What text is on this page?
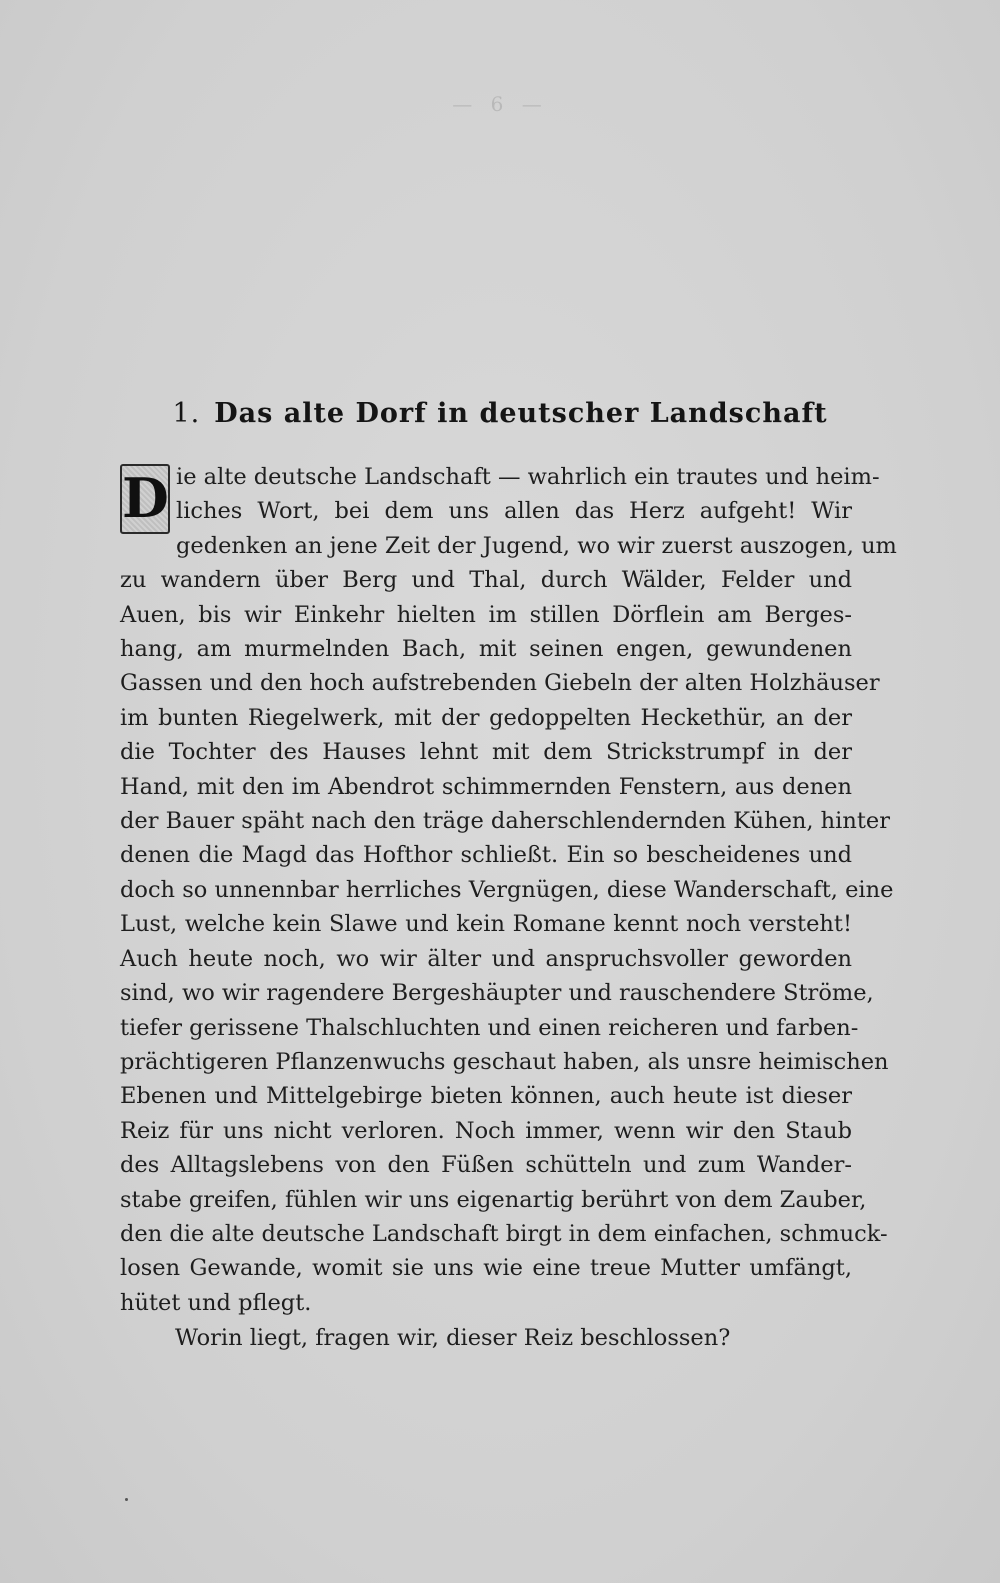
— 6 —
1. Das alte Dorf in deutscher Landschaft
D ie alte deutsche Landschaft — wahrlich ein trautes und heim-
liches Wort, bei dem uns allen das Herz aufgeht! Wir
gedenken an jene Zeit der Jugend, wo wir zuerst auszogen, um
zu wandern über Berg und Thal, durch Wälder, Felder und
Auen, bis wir Einkehr hielten im stillen Dörflein am Berges-
hang, am murmelnden Bach, mit seinen engen, gewundenen
Gassen und den hoch aufstrebenden Giebeln der alten Holzhäuser
im bunten Riegelwerk, mit der gedoppelten Heckethür, an der
die Tochter des Hauses lehnt mit dem Strickstrumpf in der
Hand, mit den im Abendrot schimmernden Fenstern, aus denen
der Bauer späht nach den träge daherschlendernden Kühen, hinter
denen die Magd das Hofthor schließt. Ein so bescheidenes und
doch so unnennbar herrliches Vergnügen, diese Wanderschaft, eine
Lust, welche kein Slawe und kein Romane kennt noch versteht!
Auch heute noch, wo wir älter und anspruchsvoller geworden
sind, wo wir ragendere Bergeshäupter und rauschendere Ströme,
tiefer gerissene Thalschluchten und einen reicheren und farben-
prächtigeren Pflanzenwuchs geschaut haben, als unsre heimischen
Ebenen und Mittelgebirge bieten können, auch heute ist dieser
Reiz für uns nicht verloren. Noch immer, wenn wir den Staub
des Alltagslebens von den Füßen schütteln und zum Wander-
stabe greifen, fühlen wir uns eigenartig berührt von dem Zauber,
den die alte deutsche Landschaft birgt in dem einfachen, schmuck-
losen Gewande, womit sie uns wie eine treue Mutter umfängt,
hütet und pflegt.

Worin liegt, fragen wir, dieser Reiz beschlossen?
